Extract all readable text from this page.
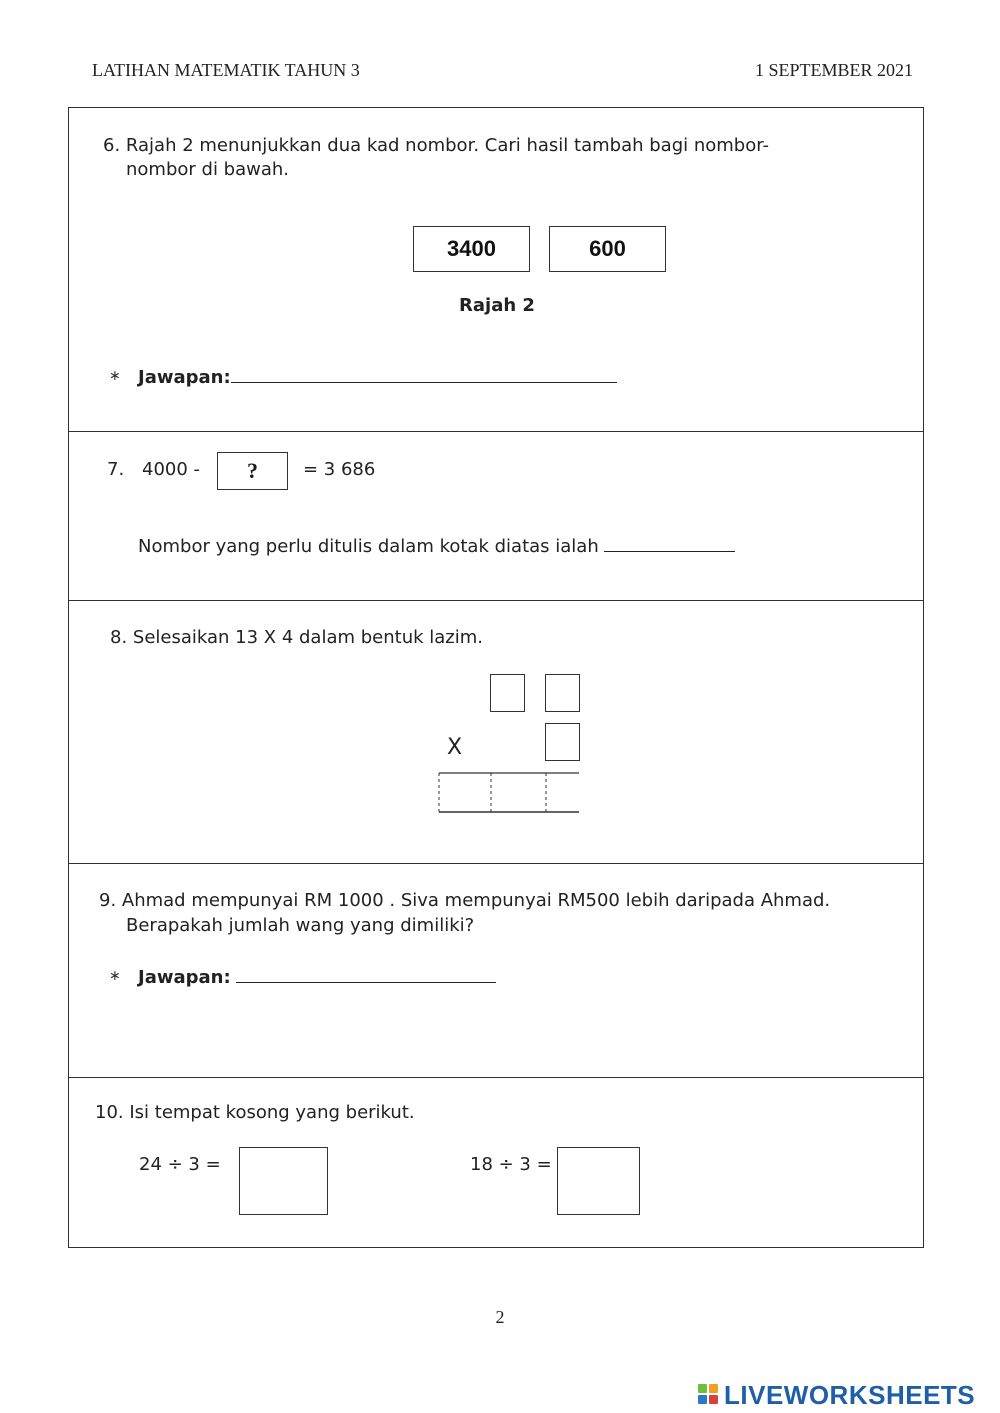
LATIHAN MATEMATIK TAHUN 3	1 SEPTEMBER 2021
6. Rajah 2 menunjukkan dua kad nombor. Cari hasil tambah bagi nombor-
nombor di bawah.
3400	600
Rajah 2
∗ Jawapan:
7. 4000 -	?	= 3 686
Nombor yang perlu ditulis dalam kotak diatas ialah
8. Selesaikan 13 X 4 dalam bentuk lazim.
X
9. Ahmad mempunyai RM 1000 . Siva mempunyai RM500 lebih daripada Ahmad.
Berapakah jumlah wang yang dimiliki?
∗ Jawapan:
10. Isi tempat kosong yang berikut.
24 ÷ 3 =	18 ÷ 3 =
2
LIVEWORKSHEETS
